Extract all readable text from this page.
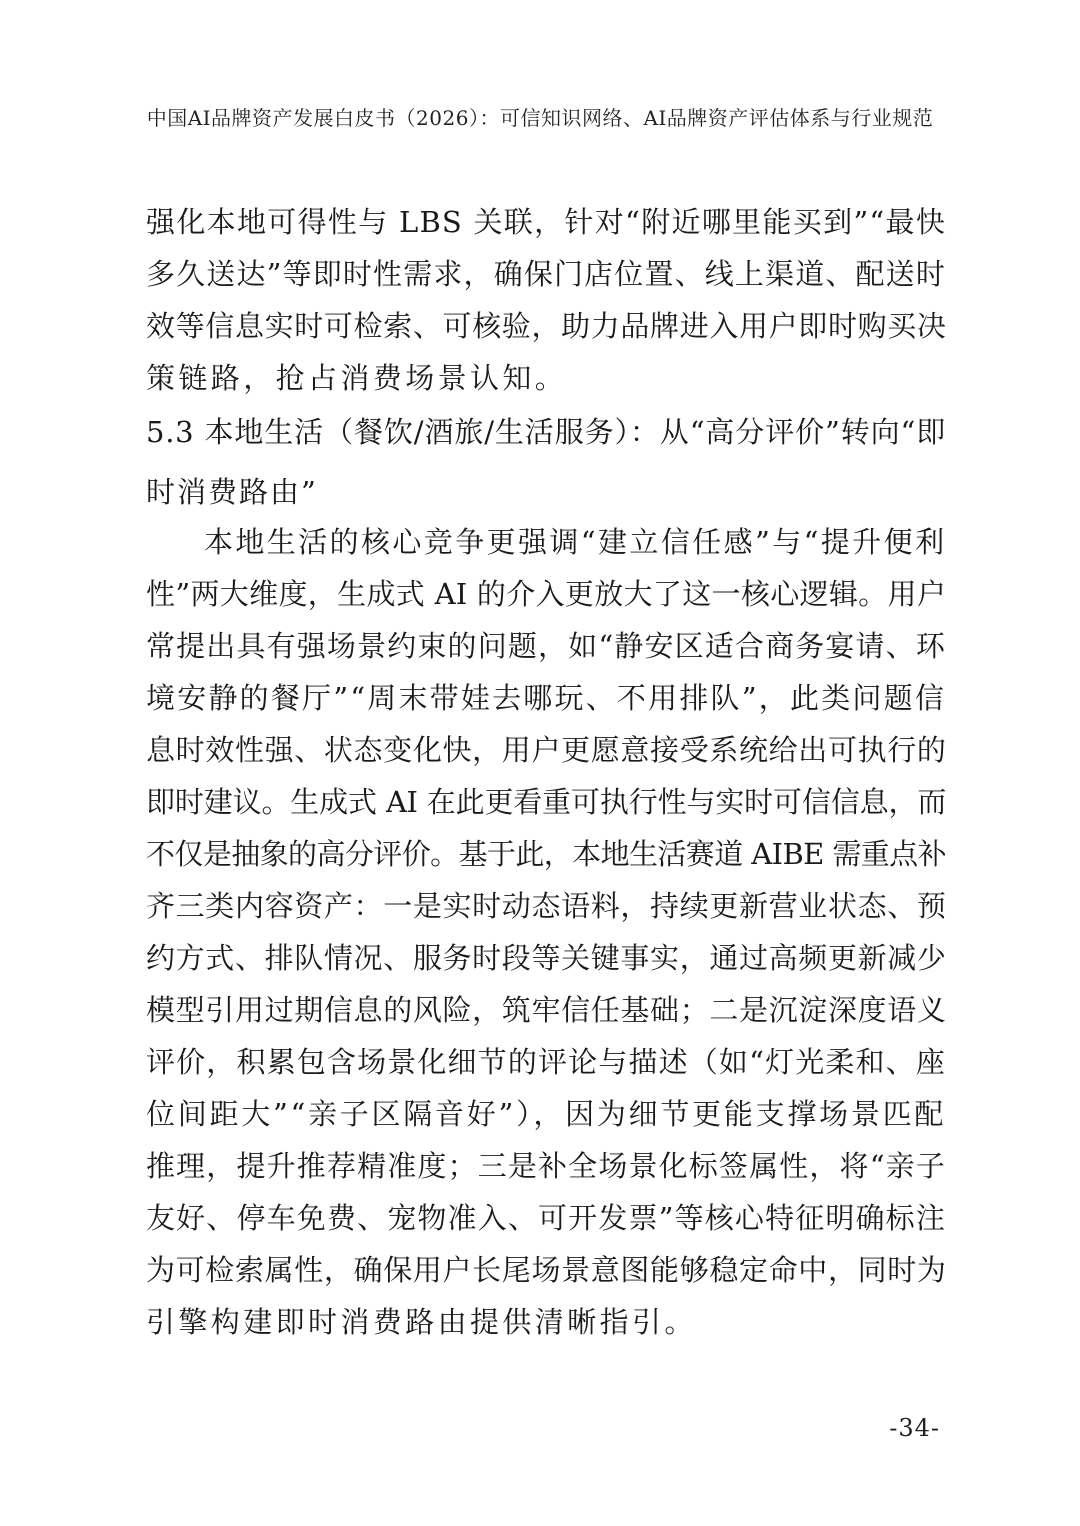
中国AI品牌资产发展白皮书（2026）：可信知识网络、AI品牌资产评估体系与行业规范
强化本地可得性与 LBS 关联，针对“附近哪里能买到”“最快
多久送达”等即时性需求，确保门店位置、线上渠道、配送时
效等信息实时可检索、可核验，助力品牌进入用户即时购买决
策链路，抢占消费场景认知。
5.3 本地生活（餐饮/酒旅/生活服务）：从“高分评价”转向“即
时消费路由”
本地生活的核心竞争更强调“建立信任感”与“提升便利
性”两大维度，生成式 AI 的介入更放大了这一核心逻辑。用户
常提出具有强场景约束的问题，如“静安区适合商务宴请、环
境安静的餐厅”“周末带娃去哪玩、不用排队”，此类问题信
息时效性强、状态变化快，用户更愿意接受系统给出可执行的
即时建议。生成式 AI 在此更看重可执行性与实时可信信息，而
不仅是抽象的高分评价。基于此，本地生活赛道 AIBE 需重点补
齐三类内容资产：一是实时动态语料，持续更新营业状态、预
约方式、排队情况、服务时段等关键事实，通过高频更新减少
模型引用过期信息的风险，筑牢信任基础；二是沉淀深度语义
评价，积累包含场景化细节的评论与描述（如“灯光柔和、座
位间距大”“亲子区隔音好”），因为细节更能支撑场景匹配
推理，提升推荐精准度；三是补全场景化标签属性，将“亲子
友好、停车免费、宠物准入、可开发票”等核心特征明确标注
为可检索属性，确保用户长尾场景意图能够稳定命中，同时为
引擎构建即时消费路由提供清晰指引。
-34-
